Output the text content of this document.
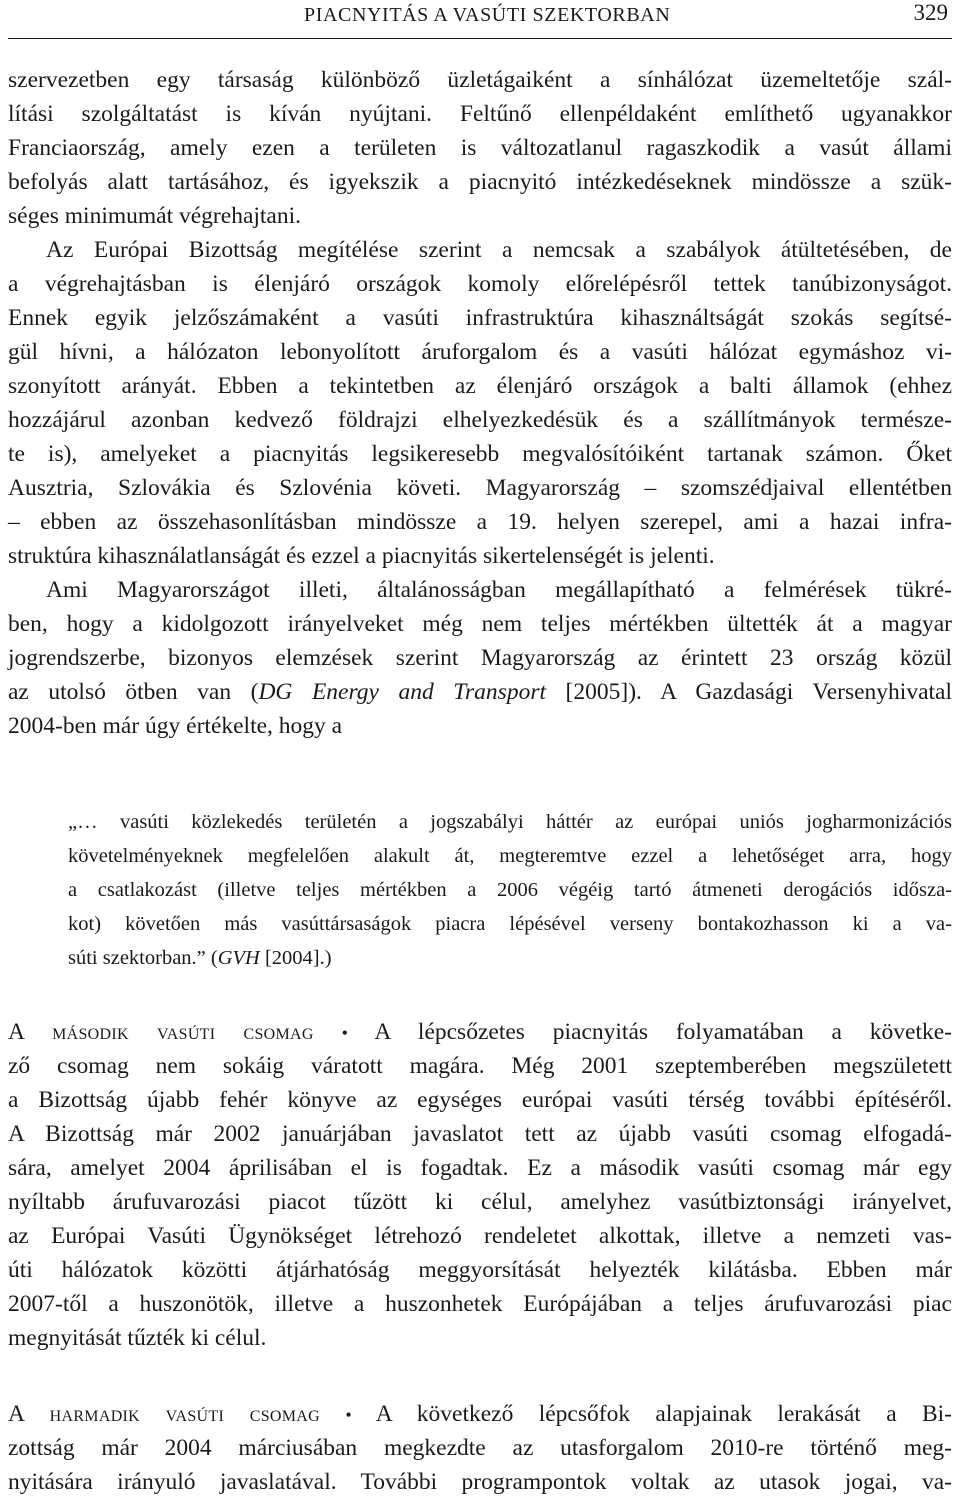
PIACNYITÁS A VASÚTI SZEKTORBAN	329
szervezetben egy társaság különböző üzletágaiként a sínhálózat üzemeltetője szál-
lítási szolgáltatást is kíván nyújtani. Feltűnő ellenpéldaként említhető ugyanakkor
Franciaország, amely ezen a területen is változatlanul ragaszkodik a vasút állami
befolyás alatt tartásához, és igyekszik a piacnyitó intézkedéseknek mindössze a szük-
séges minimumát végrehajtani.
Az Európai Bizottság megítélése szerint a nemcsak a szabályok átültetésében, de
a végrehajtásban is élenjáró országok komoly előrelépésről tettek tanúbizonyságot.
Ennek egyik jelzőszámaként a vasúti infrastruktúra kihasználtságát szokás segítsé-
gül hívni, a hálózaton lebonyolított áruforgalom és a vasúti hálózat egymáshoz vi-
szonyított arányát. Ebben a tekintetben az élenjáró országok a balti államok (ehhez
hozzájárul azonban kedvező földrajzi elhelyezkedésük és a szállítmányok természe-
te is), amelyeket a piacnyitás legsikeresebb megvalósítóiként tartanak számon. Őket
Ausztria, Szlovákia és Szlovénia követi. Magyarország – szomszédjaival ellentétben
– ebben az összehasonlításban mindössze a 19. helyen szerepel, ami a hazai infra-
struktúra kihasználatlanságát és ezzel a piacnyitás sikertelenségét is jelenti.
Ami Magyarországot illeti, általánosságban megállapítható a felmérések tükré-
ben, hogy a kidolgozott irányelveket még nem teljes mértékben ültették át a magyar
jogrendszerbe, bizonyos elemzések szerint Magyarország az érintett 23 ország közül
az utolsó ötben van (DG Energy and Transport [2005]). A Gazdasági Versenyhivatal
2004-ben már úgy értékelte, hogy a
„… vasúti közlekedés területén a jogszabályi háttér az európai uniós jogharmonizációs
követelményeknek megfelelően alakult át, megteremtve ezzel a lehetőséget arra, hogy
a csatlakozást (illetve teljes mértékben a 2006 végéig tartó átmeneti derogációs idősza-
kot) követően más vasúttársaságok piacra lépésével verseny bontakozhasson ki a va-
súti szektorban.” (GVH [2004].)
A második vasúti csomag • A lépcsőzetes piacnyitás folyamatában a követke-
ző csomag nem sokáig váratott magára. Még 2001 szeptemberében megszületett
a Bizottság újabb fehér könyve az egységes európai vasúti térség további építéséről.
A Bizottság már 2002 januárjában javaslatot tett az újabb vasúti csomag elfogadá-
sára, amelyet 2004 áprilisában el is fogadtak. Ez a második vasúti csomag már egy
nyíltabb árufuvarozási piacot tűzött ki célul, amelyhez vasútbiztonsági irányelvet,
az Európai Vasúti Ügynökséget létrehozó rendeletet alkottak, illetve a nemzeti vas-
úti hálózatok közötti átjárhatóság meggyorsítását helyezték kilátásba. Ebben már
2007-től a huszonötök, illetve a huszonhetek Európájában a teljes árufuvarozási piac
megnyitását tűzték ki célul.
A harmadik vasúti csomag • A következő lépcsőfok alapjainak lerakását a Bi-
zottság már 2004 márciusában megkezdte az utasforgalom 2010-re történő meg-
nyitására irányuló javaslatával. További programpontok voltak az utasok jogai, va-
